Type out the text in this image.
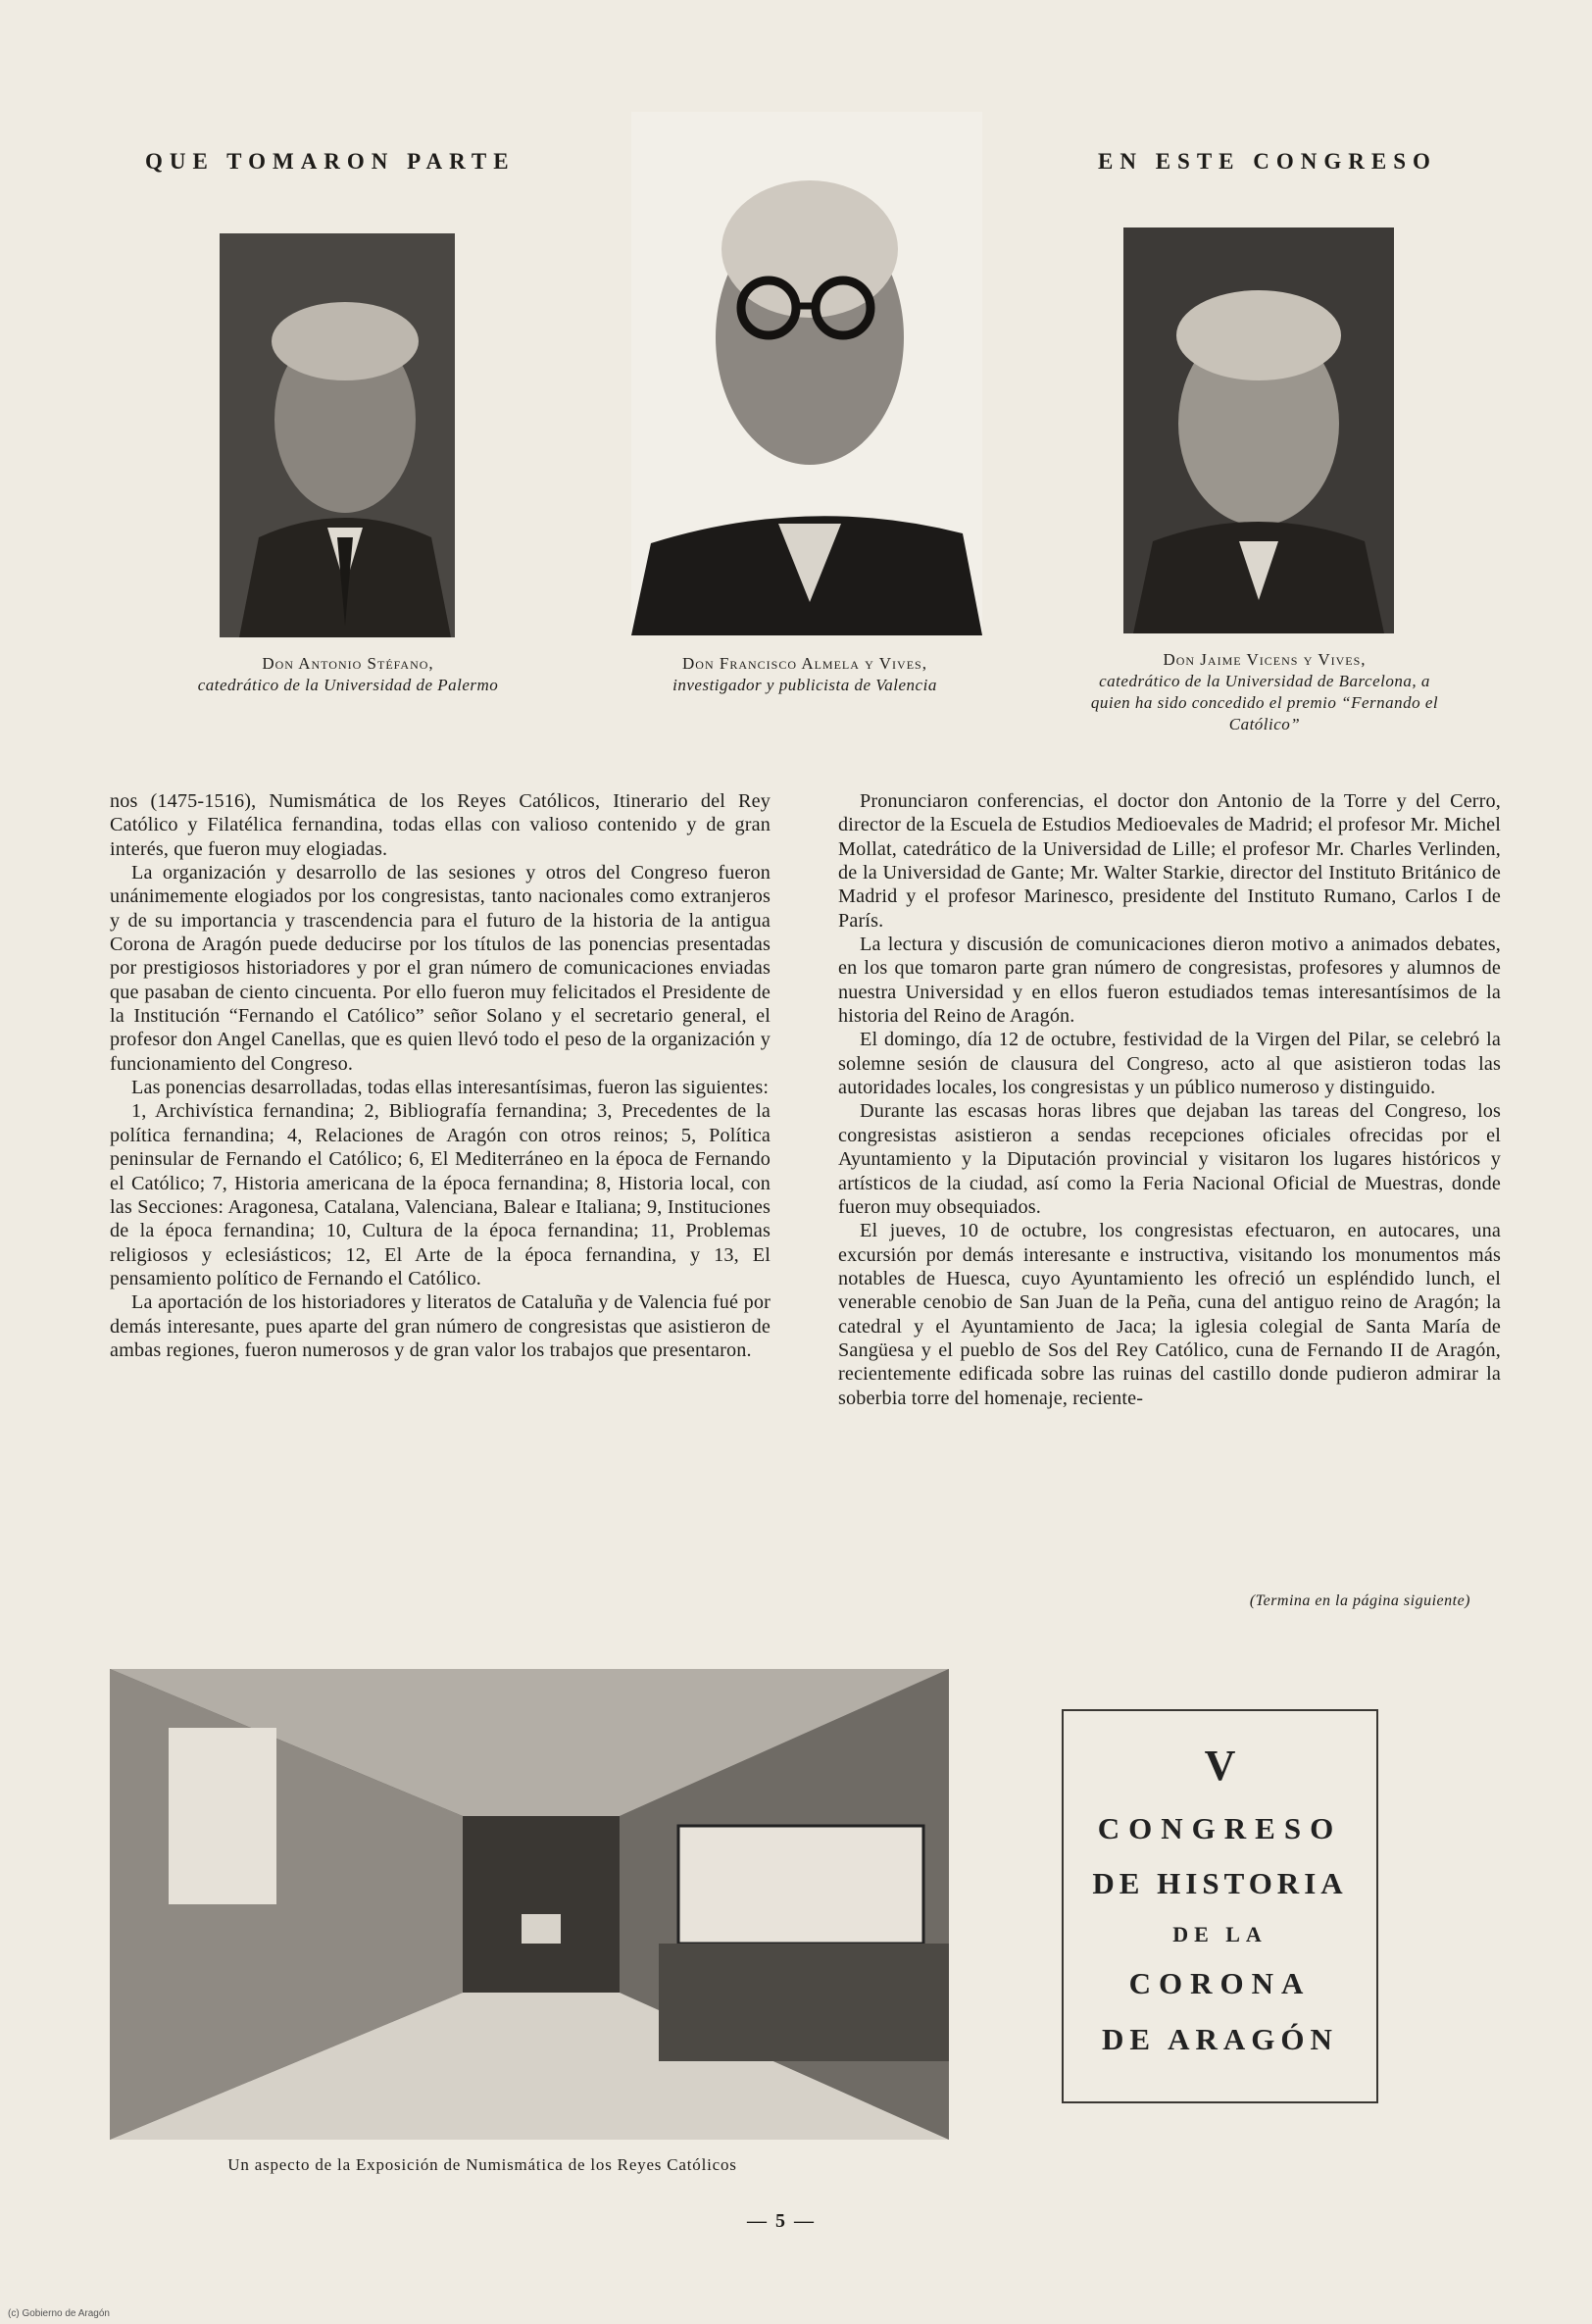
QUE TOMARON PARTE	EN ESTE CONGRESO
Don Antonio Stéfano,
catedrático de la Universidad de Palermo
Don Francisco Almela y Vives,
investigador y publicista de Valencia
Don Jaime Vicens y Vives,
catedrático de la Universidad de Barcelona, a quien ha sido concedido el premio “Fernando el Católico”

nos (1475-1516), Numismática de los Reyes Católicos, Itinerario del Rey Católico y Filatélica fernandina, todas ellas con valioso contenido y de gran interés, que fueron muy elogiadas.

La organización y desarrollo de las sesiones y otros del Congreso fueron unánimemente elogiados por los congresistas, tanto nacionales como extranjeros y de su importancia y trascendencia para el futuro de la historia de la antigua Corona de Aragón puede deducirse por los títulos de las ponencias presentadas por prestigiosos historiadores y por el gran número de comunicaciones enviadas que pasaban de ciento cincuenta. Por ello fueron muy felicitados el Presidente de la Institución “Fernando el Católico” señor Solano y el secretario general, el profesor don Angel Canellas, que es quien llevó todo el peso de la organización y funcionamiento del Congreso.

Las ponencias desarrolladas, todas ellas interesantísimas, fueron las siguientes:

1, Archivística fernandina; 2, Bibliografía fernandina; 3, Precedentes de la política fernandina; 4, Relaciones de Aragón con otros reinos; 5, Política peninsular de Fernando el Católico; 6, El Mediterráneo en la época de Fernando el Católico; 7, Historia americana de la época fernandina; 8, Historia local, con las Secciones: Aragonesa, Catalana, Valenciana, Balear e Italiana; 9, Instituciones de la época fernandina; 10, Cultura de la época fernandina; 11, Problemas religiosos y eclesiásticos; 12, El Arte de la época fernandina, y 13, El pensamiento político de Fernando el Católico.

La aportación de los historiadores y literatos de Cataluña y de Valencia fué por demás interesante, pues aparte del gran número de congresistas que asistieron de ambas regiones, fueron numerosos y de gran valor los trabajos que presentaron.

Pronunciaron conferencias, el doctor don Antonio de la Torre y del Cerro, director de la Escuela de Estudios Medioevales de Madrid; el profesor Mr. Michel Mollat, catedrático de la Universidad de Lille; el profesor Mr. Charles Verlinden, de la Universidad de Gante; Mr. Walter Starkie, director del Instituto Británico de Madrid y el profesor Marinesco, presidente del Instituto Rumano, Carlos I de París.

La lectura y discusión de comunicaciones dieron motivo a animados debates, en los que tomaron parte gran número de congresistas, profesores y alumnos de nuestra Universidad y en ellos fueron estudiados temas interesantísimos de la historia del Reino de Aragón.

El domingo, día 12 de octubre, festividad de la Virgen del Pilar, se celebró la solemne sesión de clausura del Congreso, acto al que asistieron todas las autoridades locales, los congresistas y un público numeroso y distinguido.

Durante las escasas horas libres que dejaban las tareas del Congreso, los congresistas asistieron a sendas recepciones oficiales ofrecidas por el Ayuntamiento y la Diputación provincial y visitaron los lugares históricos y artísticos de la ciudad, así como la Feria Nacional Oficial de Muestras, donde fueron muy obsequiados.

El jueves, 10 de octubre, los congresistas efectuaron, en autocares, una excursión por demás interesante e instructiva, visitando los monumentos más notables de Huesca, cuyo Ayuntamiento les ofreció un espléndido lunch, el venerable cenobio de San Juan de la Peña, cuna del antiguo reino de Aragón; la catedral y el Ayuntamiento de Jaca; la iglesia colegial de Santa María de Sangüesa y el pueblo de Sos del Rey Católico, cuna de Fernando II de Aragón, recientemente edificada sobre las ruinas del castillo donde pudieron admirar la soberbia torre del homenaje, reciente-

(Termina en la página siguiente)
V
CONGRESO
DE HISTORIA
DE LA
CORONA
DE ARAGÓN
Un aspecto de la Exposición de Numismática de los Reyes Católicos
— 5 —
(c) Gobierno de Aragón
